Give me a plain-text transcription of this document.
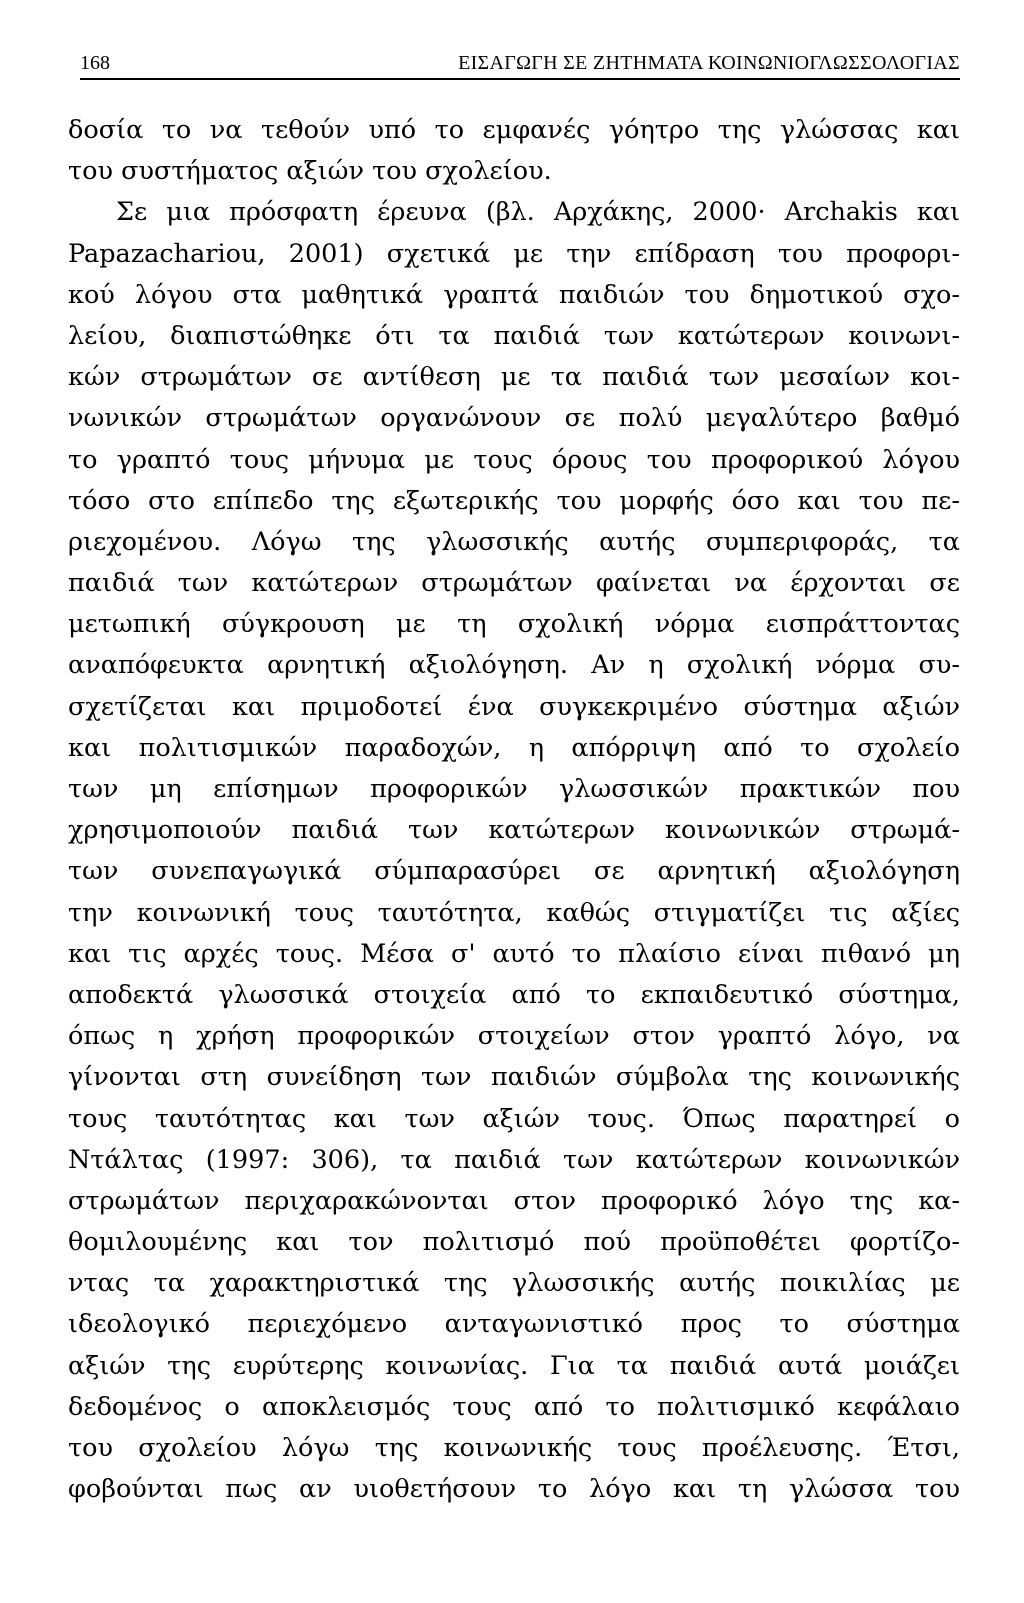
168	ΕΙΣΑΓΩΓΗ ΣΕ ΖΗΤΗΜΑΤΑ ΚΟΙΝΩΝΙΟΓΛΩΣΣΟΛΟΓΙΑΣ
δοσία το να τεθούν υπό το εμφανές γόητρο της γλώσσας και
του συστήματος αξιών του σχολείου.
Σε μια πρόσφατη έρευνα (βλ. Αρχάκης, 2000· Archakis και
Papazachariou, 2001) σχετικά με την επίδραση του προφορι-
κού λόγου στα μαθητικά γραπτά παιδιών του δημοτικού σχο-
λείου, διαπιστώθηκε ότι τα παιδιά των κατώτερων κοινωνι-
κών στρωμάτων σε αντίθεση με τα παιδιά των μεσαίων κοι-
νωνικών στρωμάτων οργανώνουν σε πολύ μεγαλύτερο βαθμό
το γραπτό τους μήνυμα με τους όρους του προφορικού λόγου
τόσο στο επίπεδο της εξωτερικής του μορφής όσο και του πε-
ριεχομένου. Λόγω της γλωσσικής αυτής συμπεριφοράς, τα
παιδιά των κατώτερων στρωμάτων φαίνεται να έρχονται σε
μετωπική σύγκρουση με τη σχολική νόρμα εισπράττοντας
αναπόφευκτα αρνητική αξιολόγηση. Αν η σχολική νόρμα συ-
σχετίζεται και πριμοδοτεί ένα συγκεκριμένο σύστημα αξιών
και πολιτισμικών παραδοχών, η απόρριψη από το σχολείο
των μη επίσημων προφορικών γλωσσικών πρακτικών που
χρησιμοποιούν παιδιά των κατώτερων κοινωνικών στρωμά-
των συνεπαγωγικά σύμπαρασύρει σε αρνητική αξιολόγηση
την κοινωνική τους ταυτότητα, καθώς στιγματίζει τις αξίες
και τις αρχές τους. Μέσα σ' αυτό το πλαίσιο είναι πιθανό μη
αποδεκτά γλωσσικά στοιχεία από το εκπαιδευτικό σύστημα,
όπως η χρήση προφορικών στοιχείων στον γραπτό λόγο, να
γίνονται στη συνείδηση των παιδιών σύμβολα της κοινωνικής
τους ταυτότητας και των αξιών τους. Όπως παρατηρεί ο
Ντάλτας (1997: 306), τα παιδιά των κατώτερων κοινωνικών
στρωμάτων περιχαρακώνονται στον προφορικό λόγο της κα-
θομιλουμένης και τον πολιτισμό πού προϋποθέτει φορτίζο-
ντας τα χαρακτηριστικά της γλωσσικής αυτής ποικιλίας με
ιδεολογικό περιεχόμενο ανταγωνιστικό προς το σύστημα
αξιών της ευρύτερης κοινωνίας. Για τα παιδιά αυτά μοιάζει
δεδομένος ο αποκλεισμός τους από το πολιτισμικό κεφάλαιο
του σχολείου λόγω της κοινωνικής τους προέλευσης. Έτσι,
φοβούνται πως αν υιοθετήσουν το λόγο και τη γλώσσα του
